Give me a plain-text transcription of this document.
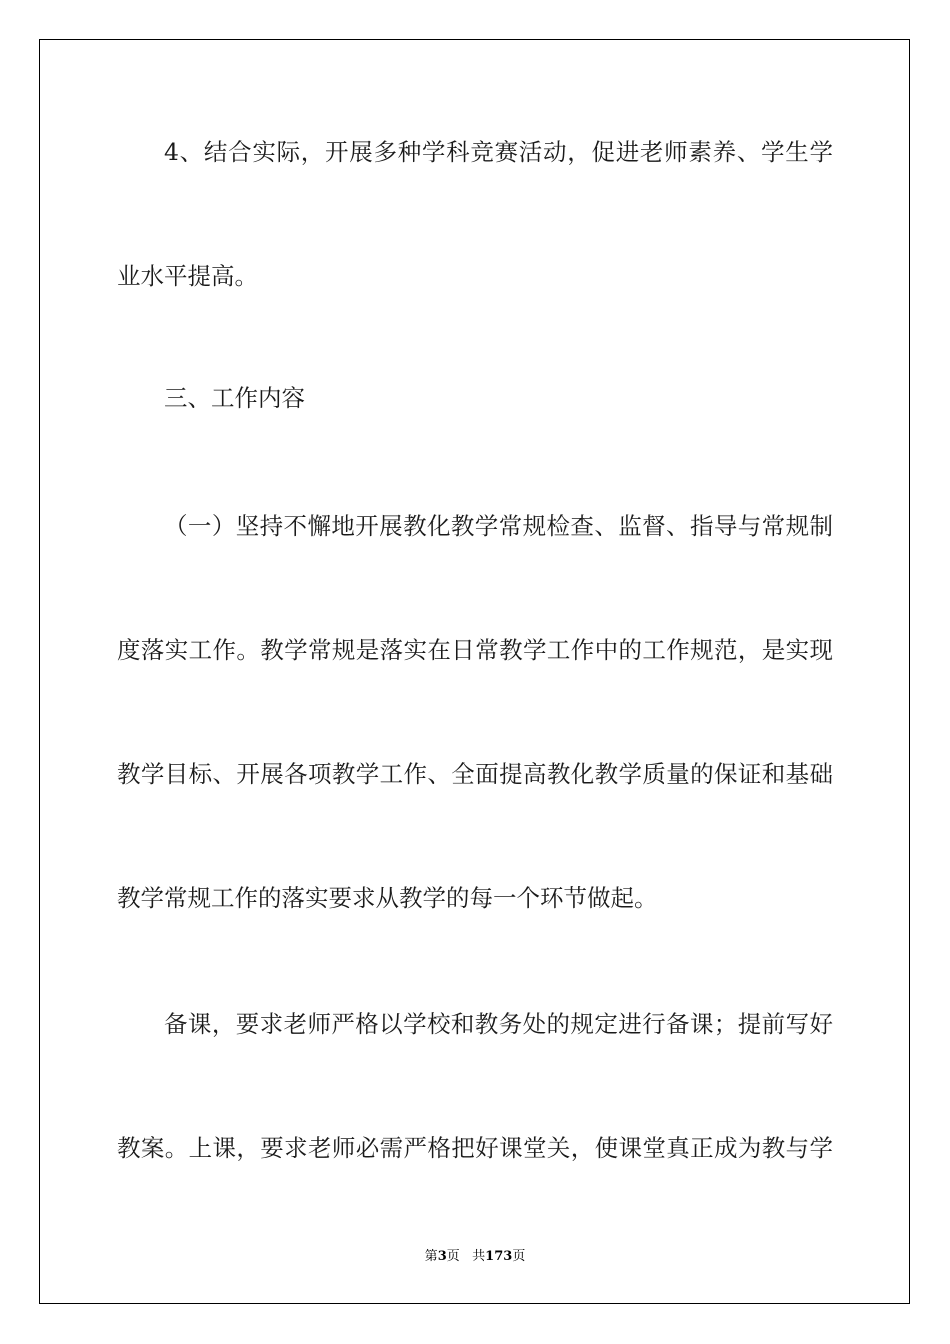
4、结合实际，开展多种学科竞赛活动，促进老师素养、学生学

业水平提高。

三、工作内容

（一）坚持不懈地开展教化教学常规检查、监督、指导与常规制

度落实工作。教学常规是落实在日常教学工作中的工作规范，是实现

教学目标、开展各项教学工作、全面提高教化教学质量的保证和基础

教学常规工作的落实要求从教学的每一个环节做起。

备课，要求老师严格以学校和教务处的规定进行备课；提前写好

教案。上课，要求老师必需严格把好课堂关，使课堂真正成为教与学

第3页 共173页
